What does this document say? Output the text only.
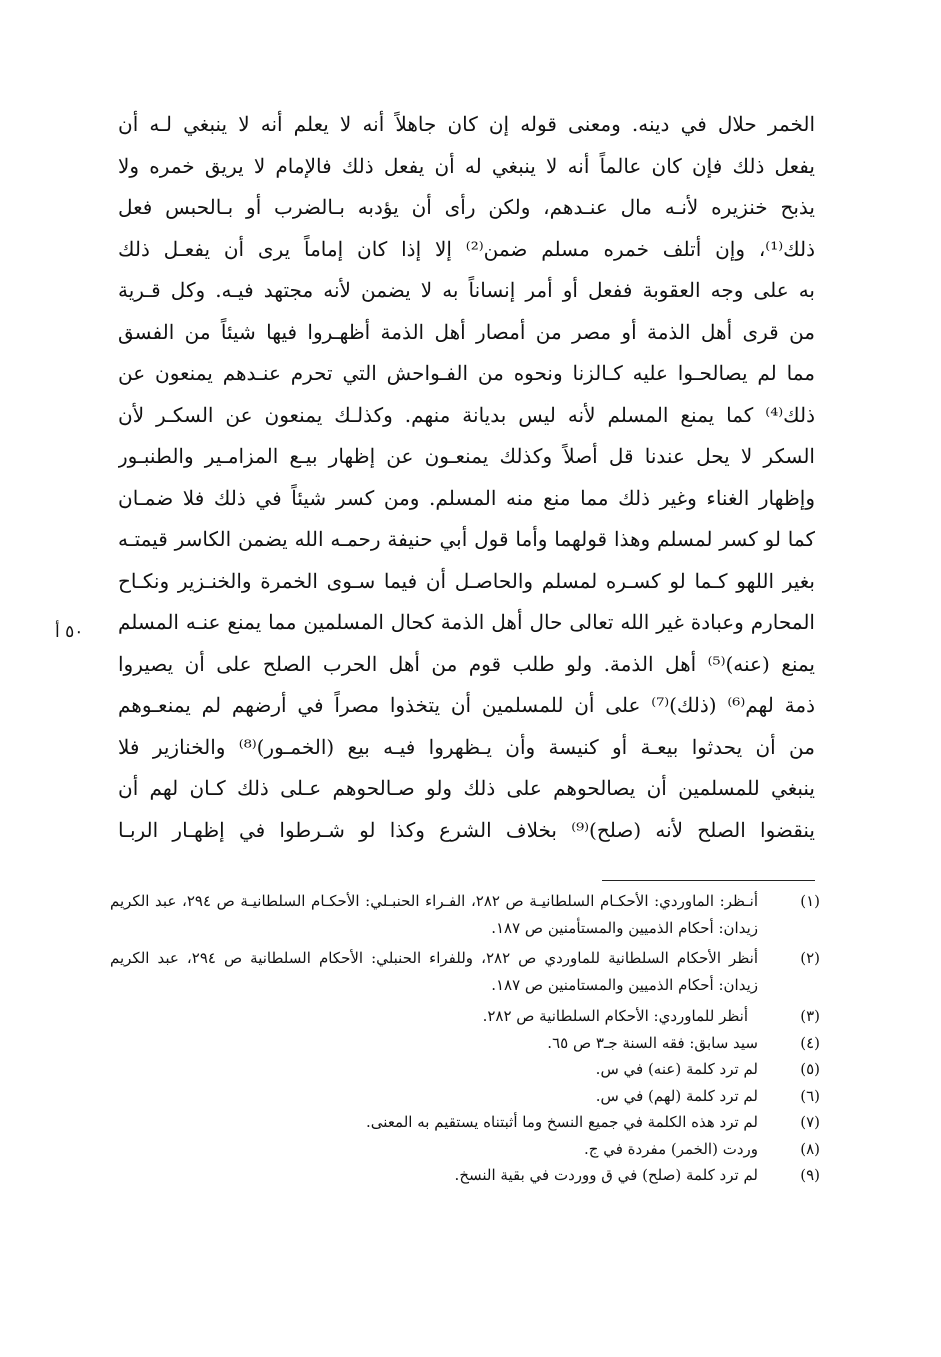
الخمر حلال في دينه. ومعنى قوله إن كان جاهلاً أنه لا يعلم أنه لا ينبغي لـه أن
يفعل ذلك فإن كان عالماً أنه لا ينبغي له أن يفعل ذلك فالإمام لا يريق خمره ولا
يذبح خنزيره لأنـه مال عنـدهم، ولكن رأى أن يؤدبه بـالضرب أو بـالحبس فعل
ذلك⁽¹⁾، وإن أتلف خمره مسلم ضمن⁽²⁾ إلا إذا كان إماماً يرى أن يفعـل ذلك
به على وجه العقوبة ففعل أو أمر إنساناً به لا يضمن لأنه مجتهد فيـه. وكل قـرية
من قرى أهل الذمة أو مصر من أمصار أهل الذمة أظهـروا فيها شيئاً من الفسق
مما لم يصالحـوا عليه كـالزنا ونحوه من الفـواحش التي تحرم عنـدهم يمنعون عن
ذلك⁽⁴⁾ كما يمنع المسلم لأنه ليس بديانة منهم. وكذلـك يمنعون عن السكـر لأن
السكر لا يحل عندنا قل أصلاً وكذلك يمنعـون عن إظهار بيـع المزامـير والطنبـور
وإظهار الغناء وغير ذلك مما منع منه المسلم. ومن كسر شيئاً في ذلك فلا ضمـان
كما لو كسر لمسلم وهذا قولهما وأما قول أبي حنيفة رحمـه الله يضمن الكاسر قيمتـه
بغير اللهو كـما لو كسـره لمسلم والحاصـل أن فيما سـوى الخمرة والخنـزير ونكـاح
المحارم وعبادة غير الله تعالى حال أهل الذمة كحال المسلمين مما يمنع عنـه المسلم
يمنع (عنه)⁽⁵⁾ أهل الذمة. ولو طلب قوم من أهل الحرب الصلح على أن يصيروا
ذمة لهم⁽⁶⁾ (ذلك)⁽⁷⁾ على أن للمسلمين أن يتخذوا مصراً في أرضهم لم يمنعـوهم
من أن يحدثوا بيعـة أو كنيسة وأن يـظهروا فيـه بيع (الخمـور)⁽⁸⁾ والخنازير فلا
ينبغي للمسلمين أن يصالحوهم على ذلك ولو صـالحوهم عـلى ذلك كـان لهم أن
ينقضوا الصلح لأنه (صلح)⁽⁹⁾ بخلاف الشرع وكذا لو شـرطوا في إظهـار الربـا
٥٠ أ
(١)
أنـظر: الماوردي: الأحكـام السلطانيـة ص ٢٨٢، الفـراء الحنبـلي: الأحكـام السلطانيـة ص ٢٩٤، عبد الكريم زيدان: أحكام الذميين والمستأمنين ص ١٨٧.
(٢)
أنظر الأحكام السلطانية للماوردي ص ٢٨٢، وللفراء الحنبلي: الأحكام السلطانية ص ٢٩٤، عبد الكريم زيدان: أحكام الذميين والمستامنين ص ١٨٧.
(٣)
أنظر للماوردي: الأحكام السلطانية ص ٢٨٢.
(٤)
سيد سابق: فقه السنة جـ٣ ص ٦٥.
(٥)
لم ترد كلمة (عنه) في س.
(٦)
لم ترد كلمة (لهم) في س.
(٧)
لم ترد هذه الكلمة في جميع النسخ وما أثبتناه يستقيم به المعنى.
(٨)
وردت (الخمر) مفردة في ج.
(٩)
لم ترد كلمة (صلح) في ق ووردت في بقية النسخ.
